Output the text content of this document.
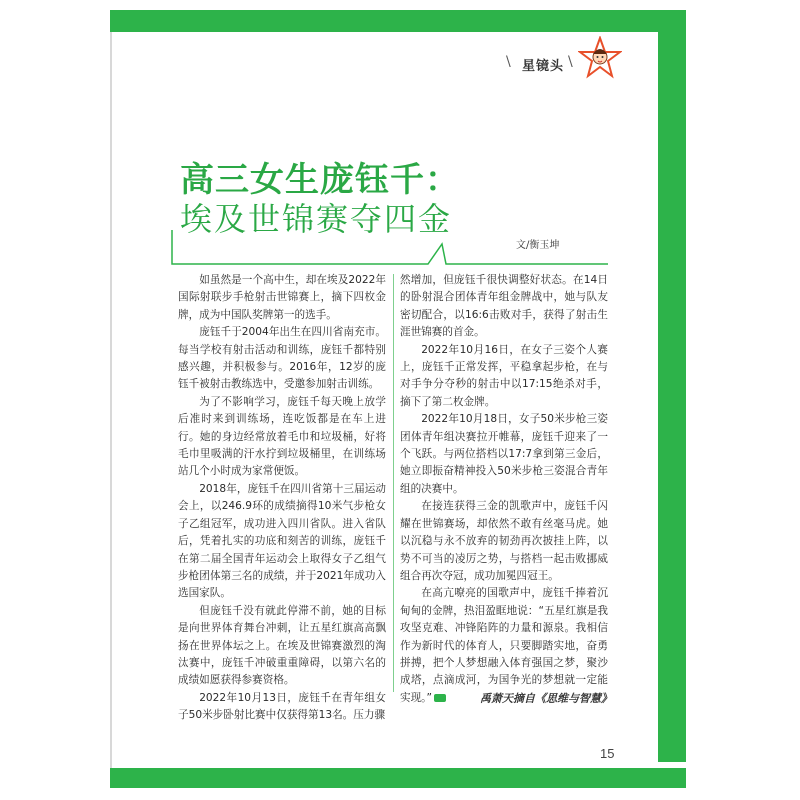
\ 星镜头 \
高三女生庞钰千：
埃及世锦赛夺四金
文/衡玉坤

如虽然是一个高中生，却在埃及2022年国际射联步手枪射击世锦赛上，摘下四枚金牌，成为中国队奖牌第一的选手。

庞钰千于2004年出生在四川省南充市。每当学校有射击活动和训练，庞钰千都特别感兴趣，并积极参与。2016年，12岁的庞钰千被射击教练选中，受邀参加射击训练。

为了不影响学习，庞钰千每天晚上放学后准时来到训练场，连吃饭都是在车上进行。她的身边经常放着毛巾和垃圾桶，好将毛巾里吸满的汗水拧到垃圾桶里，在训练场站几个小时成为家常便饭。

2018年，庞钰千在四川省第十三届运动会上，以246.9环的成绩摘得10米气步枪女子乙组冠军，成功进入四川省队。进入省队后，凭着扎实的功底和刻苦的训练，庞钰千在第二届全国青年运动会上取得女子乙组气步枪团体第三名的成绩，并于2021年成功入选国家队。

但庞钰千没有就此停滞不前，她的目标是向世界体育舞台冲刺，让五星红旗高高飘扬在世界体坛之上。在埃及世锦赛激烈的淘汰赛中，庞钰千冲破重重障碍，以第六名的成绩如愿获得参赛资格。

2022年10月13日，庞钰千在青年组女子50米步卧射比赛中仅获得第13名。压力骤

然增加，但庞钰千很快调整好状态。在14日的卧射混合团体青年组金牌战中，她与队友密切配合，以16:6击败对手，获得了射击生涯世锦赛的首金。

2022年10月16日，在女子三姿个人赛上，庞钰千正常发挥，平稳拿起步枪，在与对手争分夺秒的射击中以17:15绝杀对手，摘下了第二枚金牌。

2022年10月18日，女子50米步枪三姿团体青年组决赛拉开帷幕，庞钰千迎来了一个飞跃。与两位搭档以17:7拿到第三金后，她立即振奋精神投入50米步枪三姿混合青年组的决赛中。

在接连获得三金的凯歌声中，庞钰千闪耀在世锦赛场，却依然不敢有丝毫马虎。她以沉稳与永不放弃的韧劲再次披挂上阵，以势不可当的凌厉之势，与搭档一起击败挪威组合再次夺冠，成功加冕四冠王。

在高亢嘹亮的国歌声中，庞钰千捧着沉甸甸的金牌，热泪盈眶地说：“五星红旗是我攻坚克难、冲锋陷阵的力量和源泉。我相信作为新时代的体育人，只要脚踏实地，奋勇拼搏，把个人梦想融入体育强国之梦，聚沙成塔，点滴成河，为国争光的梦想就一定能实现。”	禹萧天摘自《思维与智慧》
15
